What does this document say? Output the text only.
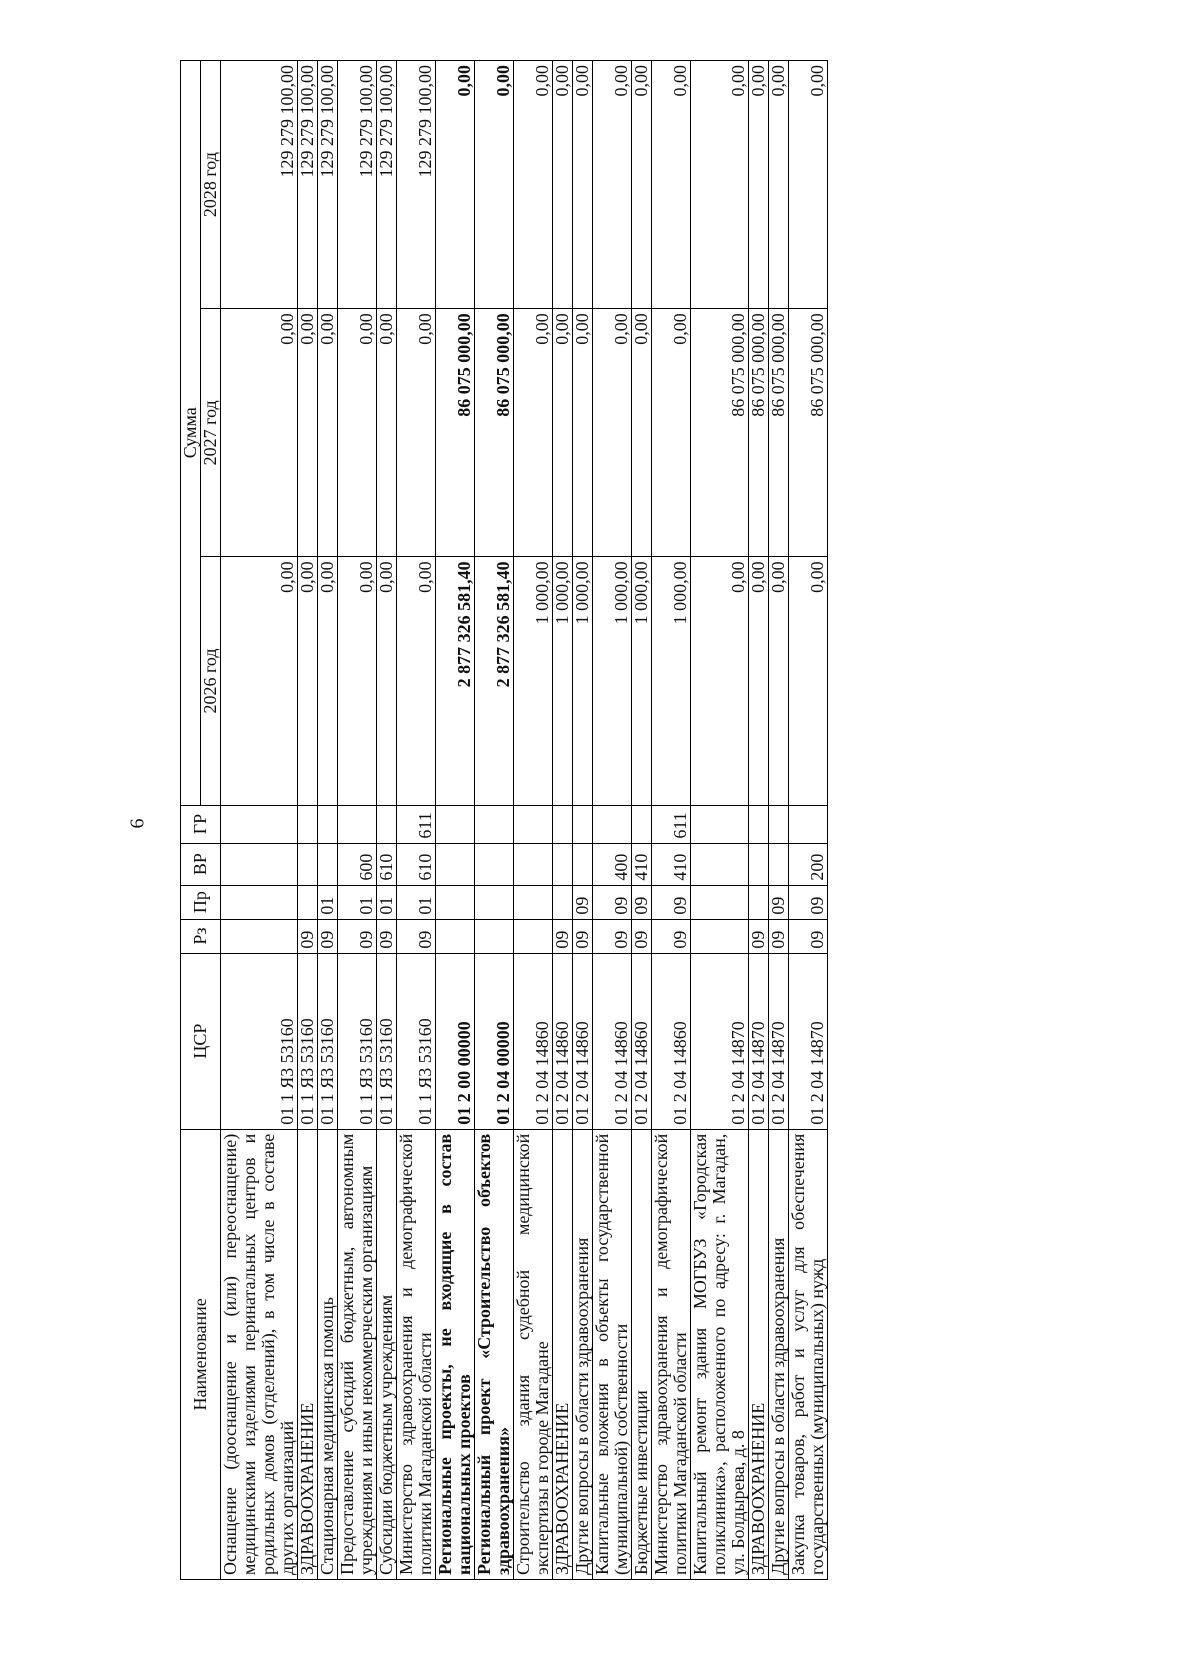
6
Наименование	ЦСР	Рз	Пр	ВР	ГР	Сумма		
						2026 год	2027 год	2028 год
Оснащение (дооснащение и (или) переоснащение) медицинскими изделиями перинатальных центров и родильных домов (отделений), в том числе в составе других организаций	01 1 Я3 53160					0,00	0,00	129 279 100,00
ЗДРАВООХРАНЕНИЕ	01 1 Я3 53160	09				0,00	0,00	129 279 100,00
Стационарная медицинская помощь	01 1 Я3 53160	09	01			0,00	0,00	129 279 100,00
Предоставление субсидий бюджетным, автономным учреждениям и иным некоммерческим организациям	01 1 Я3 53160	09	01	600		0,00	0,00	129 279 100,00
Субсидии бюджетным учреждениям	01 1 Я3 53160	09	01	610		0,00	0,00	129 279 100,00
Министерство здравоохранения и демографической политики Магаданской области	01 1 Я3 53160	09	01	610	611	0,00	0,00	129 279 100,00
Региональные проекты, не входящие в состав национальных проектов	01 2 00 00000					2 877 326 581,40	86 075 000,00	0,00
Региональный проект «Строительство объектов здравоохранения»	01 2 04 00000					2 877 326 581,40	86 075 000,00	0,00
Строительство здания судебной медицинской экспертизы в городе Магадане	01 2 04 14860					1 000,00	0,00	0,00
ЗДРАВООХРАНЕНИЕ	01 2 04 14860	09				1 000,00	0,00	0,00
Другие вопросы в области здравоохранения	01 2 04 14860	09	09			1 000,00	0,00	0,00
Капитальные вложения в объекты государственной (муниципальной) собственности	01 2 04 14860	09	09	400		1 000,00	0,00	0,00
Бюджетные инвестиции	01 2 04 14860	09	09	410		1 000,00	0,00	0,00
Министерство здравоохранения и демографической политики Магаданской области	01 2 04 14860	09	09	410	611	1 000,00	0,00	0,00
Капитальный ремонт здания МОГБУЗ «Городская поликлиника», расположенного по адресу: г. Магадан, ул. Болдырева, д. 8	01 2 04 14870					0,00	86 075 000,00	0,00
ЗДРАВООХРАНЕНИЕ	01 2 04 14870	09				0,00	86 075 000,00	0,00
Другие вопросы в области здравоохранения	01 2 04 14870	09	09			0,00	86 075 000,00	0,00
Закупка товаров, работ и услуг для обеспечения государственных (муниципальных) нужд	01 2 04 14870	09	09	200		0,00	86 075 000,00	0,00
